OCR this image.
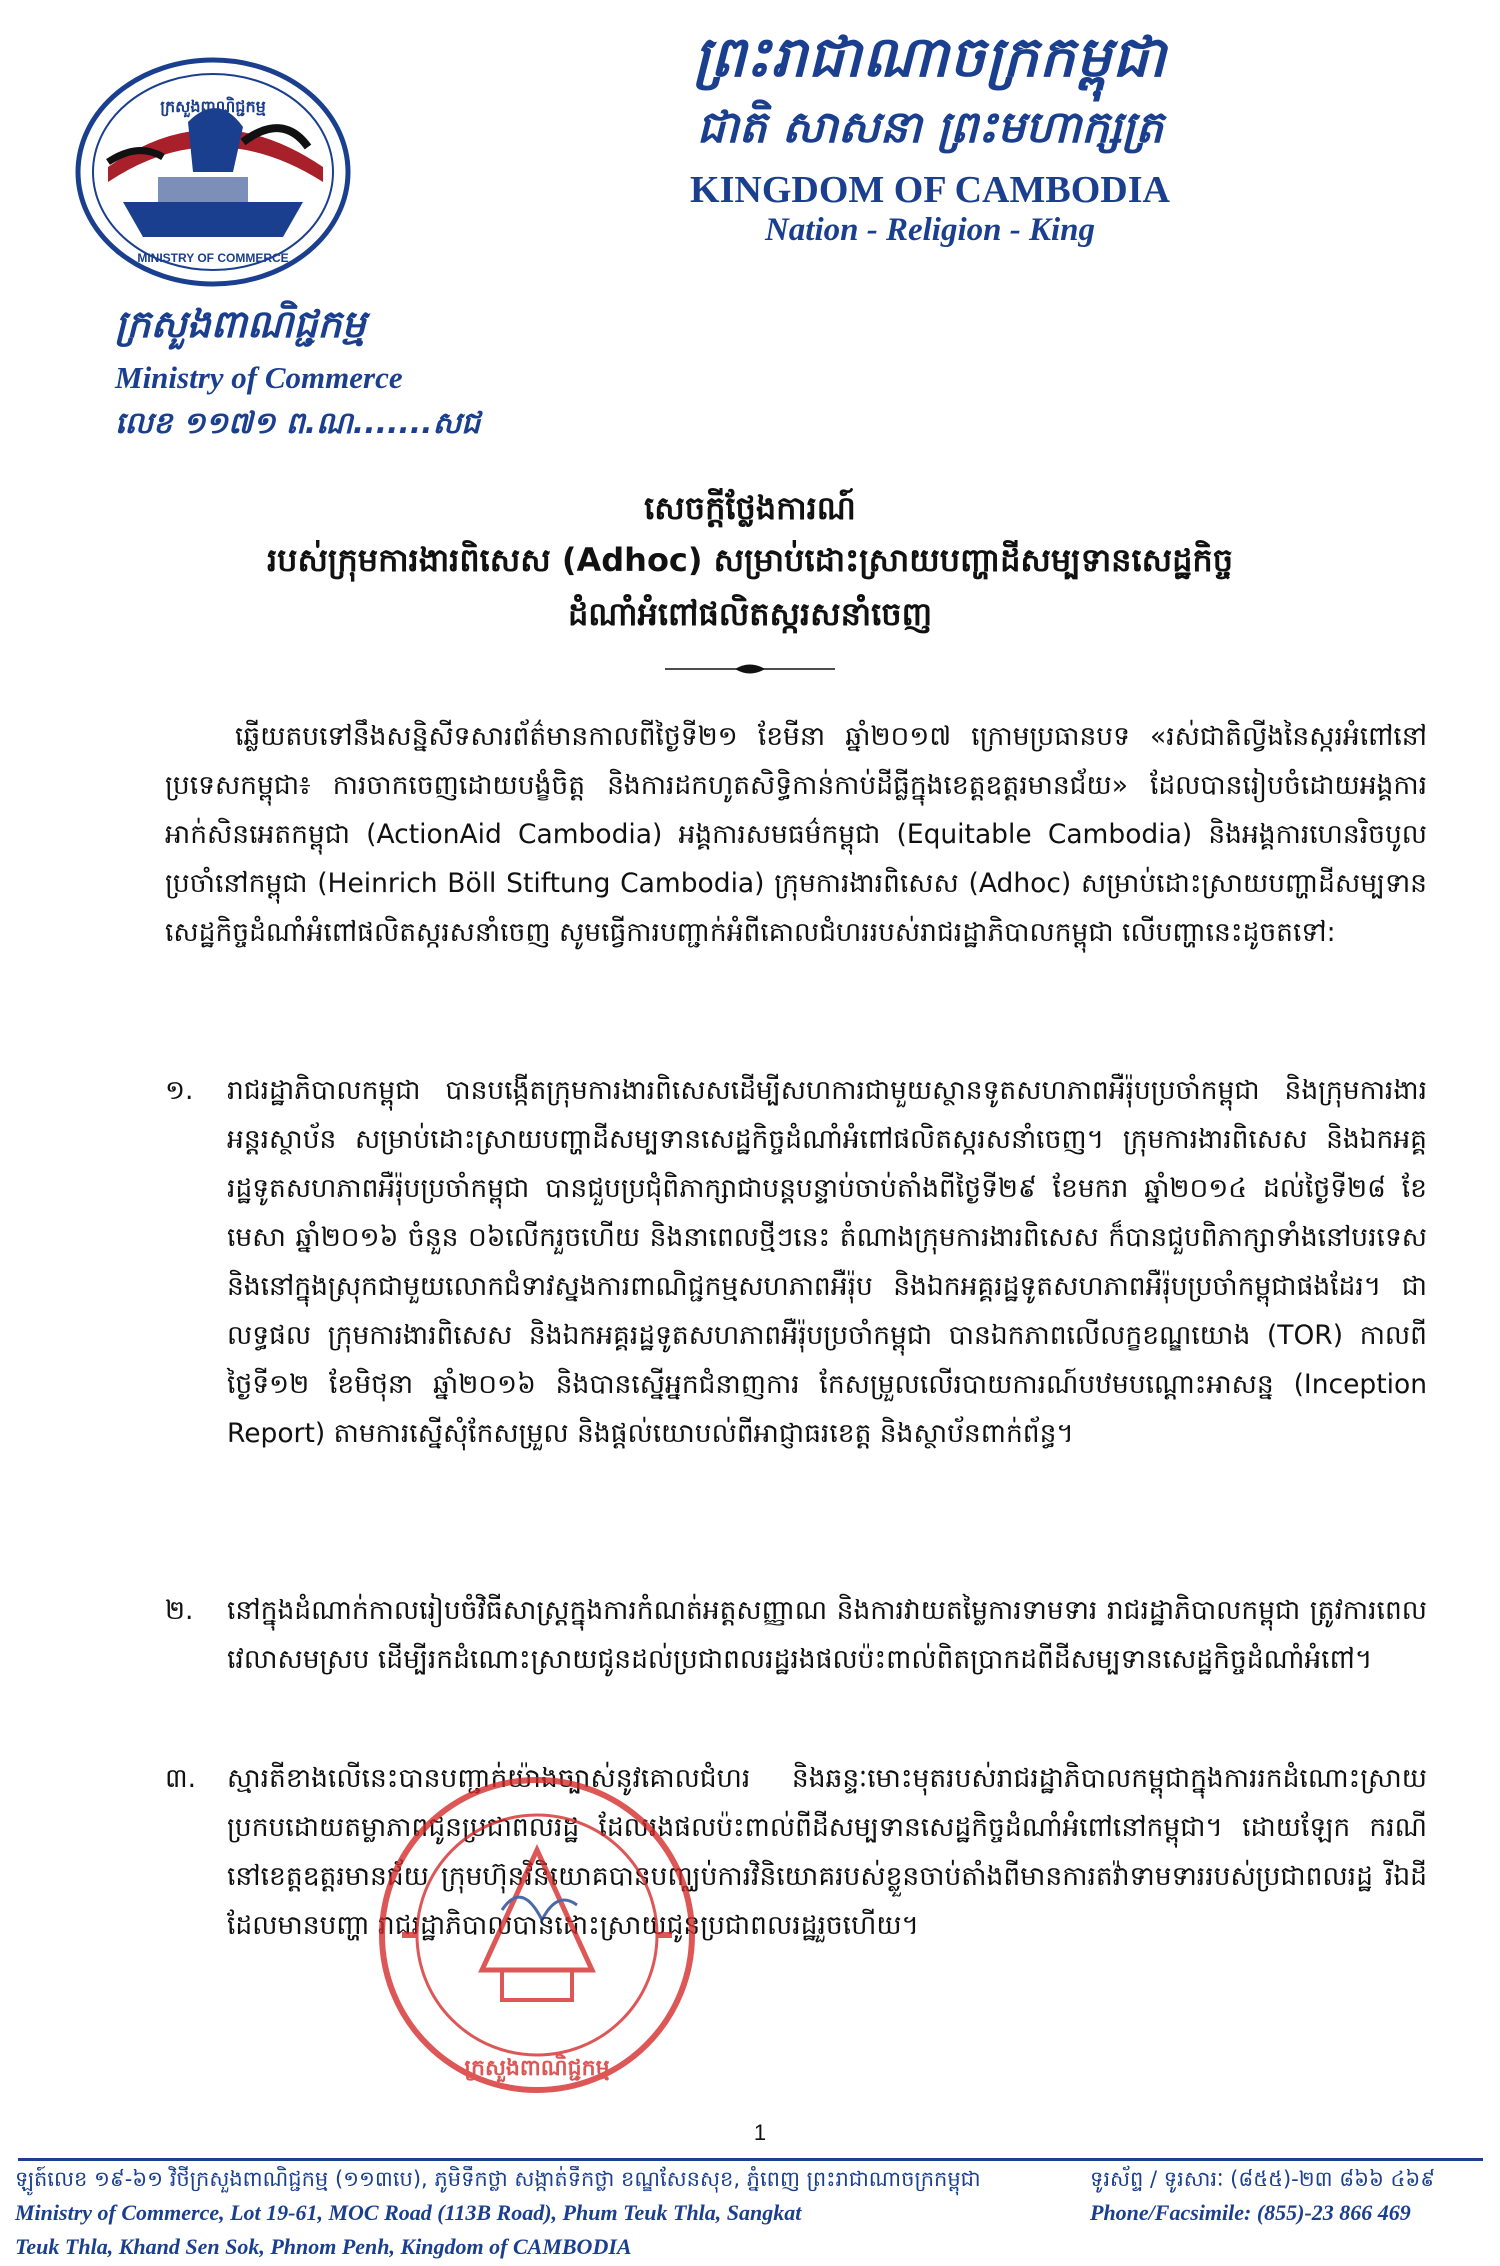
ក្រសួងពាណិជ្ជកម្ម
MINISTRY OF COMMERCE
ព្រះរាជាណាចក្រកម្ពុជា
ជាតិ សាសនា ព្រះមហាក្សត្រ
KINGDOM OF CAMBODIA
Nation - Religion - King
ក្រសួងពាណិជ្ជកម្ម
Ministry of Commerce
លេខ ១១៧១ ព.ណ.......សជ
សេចក្តីថ្លែងការណ៍
របស់ក្រុមការងារពិសេស (Adhoc) សម្រាប់ដោះស្រាយបញ្ហាដីសម្បទានសេដ្ឋកិច្ច
ដំណាំអំពៅផលិតស្ករសនាំចេញ
ឆ្លើយតបទៅនឹងសន្និសីទសារព័ត៌មានកាលពីថ្ងៃទី២១ ខែមីនា ឆ្នាំ២០១៧ ក្រោមប្រធានបទ «រស់ជាតិល្វីងនៃស្ករអំពៅនៅប្រទេសកម្ពុជា៖ ការចាកចេញដោយបង្ខំចិត្ត និងការដកហូតសិទ្ធិកាន់កាប់ដីធ្លីក្នុងខេត្តឧត្តរមានជ័យ» ដែលបានរៀបចំដោយអង្គការអាក់សិនអេតកម្ពុជា (ActionAid Cambodia) អង្គការសមធម៌កម្ពុជា (Equitable Cambodia) និងអង្គការហេនរិចបូលប្រចាំនៅកម្ពុជា (Heinrich Böll Stiftung Cambodia) ក្រុមការងារពិសេស (Adhoc) សម្រាប់ដោះស្រាយបញ្ហាដីសម្បទានសេដ្ឋកិច្ចដំណាំអំពៅផលិតស្ករសនាំចេញ សូមធ្វើការបញ្ជាក់អំពីគោលជំហររបស់រាជរដ្ឋាភិបាលកម្ពុជា លើបញ្ហានេះដូចតទៅ:
១.	រាជរដ្ឋាភិបាលកម្ពុជា បានបង្កើតក្រុមការងារពិសេសដើម្បីសហការជាមួយស្ថានទូតសហភាពអឺរ៉ុបប្រចាំកម្ពុជា និងក្រុមការងារអន្តរស្ថាប័ន សម្រាប់ដោះស្រាយបញ្ហាដីសម្បទានសេដ្ឋកិច្ចដំណាំអំពៅផលិតស្ករសនាំចេញ។ ក្រុមការងារពិសេស និងឯកអគ្គរដ្ឋទូតសហភាពអឺរ៉ុបប្រចាំកម្ពុជា បានជួបប្រជុំពិភាក្សាជាបន្តបន្ទាប់ចាប់តាំងពីថ្ងៃទី២៩ ខែមករា ឆ្នាំ២០១៤ ដល់ថ្ងៃទី២៨ ខែមេសា ឆ្នាំ២០១៦ ចំនួន ០៦លើករួចហើយ និងនាពេលថ្មីៗនេះ តំណាងក្រុមការងារពិសេស ក៏បានជួបពិភាក្សាទាំងនៅបរទេស និងនៅក្នុងស្រុកជាមួយលោកជំទាវស្នងការពាណិជ្ជកម្មសហភាពអឺរ៉ុប និងឯកអគ្គរដ្ឋទូតសហភាពអឺរ៉ុបប្រចាំកម្ពុជាផងដែរ។ ជាលទ្ធផល ក្រុមការងារពិសេស និងឯកអគ្គរដ្ឋទូតសហភាពអឺរ៉ុបប្រចាំកម្ពុជា បានឯកភាពលើលក្ខខណ្ឌយោង (TOR) កាលពីថ្ងៃទី១២ ខែមិថុនា ឆ្នាំ២០១៦ និងបានស្នើអ្នកជំនាញការ កែសម្រួលលើរបាយការណ៍បឋមបណ្តោះអាសន្ន (Inception Report) តាមការស្នើសុំកែសម្រួល និងផ្តល់យោបល់ពីអាជ្ញាធរខេត្ត និងស្ថាប័នពាក់ព័ន្ធ។
២.	នៅក្នុងដំណាក់កាលរៀបចំវិធីសាស្ត្រក្នុងការកំណត់អត្តសញ្ញាណ និងការវាយតម្លៃការទាមទារ រាជរដ្ឋាភិបាលកម្ពុជា ត្រូវការពេលវេលាសមស្រប ដើម្បីរកដំណោះស្រាយជូនដល់ប្រជាពលរដ្ឋរងផលប៉ះពាល់ពិតប្រាកដពីដីសម្បទានសេដ្ឋកិច្ចដំណាំអំពៅ។
៣.	ស្មារតីខាងលើនេះបានបញ្ជាក់យ៉ាងច្បាស់នូវគោលជំហរ និងឆន្ទៈមោះមុតរបស់រាជរដ្ឋាភិបាលកម្ពុជាក្នុងការរកដំណោះស្រាយប្រកបដោយតម្លាភាពជូនប្រជាពលរដ្ឋ ដែលរងផលប៉ះពាល់ពីដីសម្បទានសេដ្ឋកិច្ចដំណាំអំពៅនៅកម្ពុជា។ ដោយឡែក ករណីនៅខេត្តឧត្តរមានជ័យ ក្រុមហ៊ុនវិនិយោគបានបញ្ឈប់ការវិនិយោគរបស់ខ្លួនចាប់តាំងពីមានការតវ៉ាទាមទាររបស់ប្រជាពលរដ្ឋ រីឯដីដែលមានបញ្ហា រាជរដ្ឋាភិបាលបានដោះស្រាយជូនប្រជាពលរដ្ឋរួចហើយ។
ក្រសួងពាណិជ្ជកម្ម
1
ឡូត៍លេខ ១៩-៦១ វិថីក្រសួងពាណិជ្ជកម្ម (១១៣បេ), ភូមិទឹកថ្លា សង្កាត់ទឹកថ្លា ខណ្ឌសែនសុខ, ភ្នំពេញ ព្រះរាជាណាចក្រកម្ពុជា	ទូរស័ព្ទ / ទូរសារៈ (៨៥៥)-២៣ ៨៦៦ ៤៦៩
Ministry of Commerce, Lot 19-61, MOC Road (113B Road), Phum Teuk Thla, Sangkat	Phone/Facsimile: (855)-23 866 469
Teuk Thla, Khand Sen Sok, Phnom Penh, Kingdom of CAMBODIA
